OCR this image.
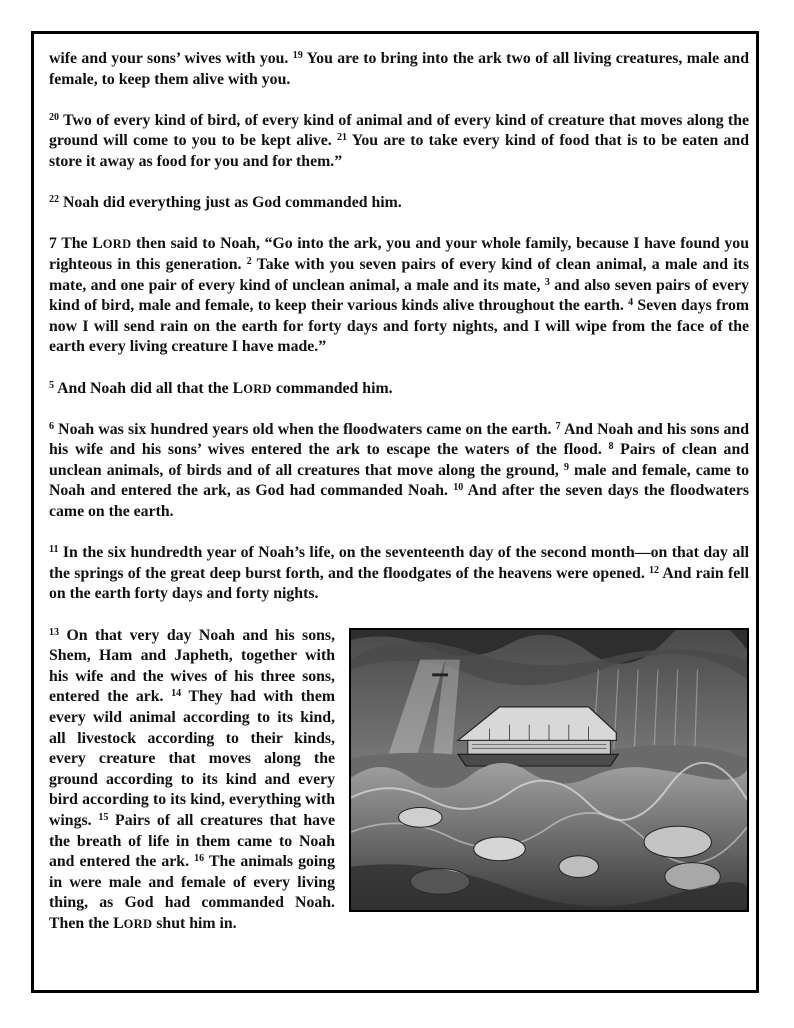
wife and your sons’ wives with you. $^{19}$ You are to bring into the ark two of all living creatures, male and female, to keep them alive with you.

$^{20}$ Two of every kind of bird, of every kind of animal and of every kind of creature that moves along the ground will come to you to be kept alive. $^{21}$ You are to take every kind of food that is to be eaten and store it away as food for you and for them.”

$^{22}$ Noah did everything just as God commanded him.

7 The LORD then said to Noah, “Go into the ark, you and your whole family, because I have found you righteous in this generation. $^2$ Take with you seven pairs of every kind of clean animal, a male and its mate, and one pair of every kind of unclean animal, a male and its mate, $^3$ and also seven pairs of every kind of bird, male and female, to keep their various kinds alive throughout the earth. $^4$ Seven days from now I will send rain on the earth for forty days and forty nights, and I will wipe from the face of the earth every living creature I have made.”

$^5$ And Noah did all that the LORD commanded him.

$^6$ Noah was six hundred years old when the floodwaters came on the earth. $^7$ And Noah and his sons and his wife and his sons’ wives entered the ark to escape the waters of the flood. $^8$ Pairs of clean and unclean animals, of birds and of all creatures that move along the ground, $^9$ male and female, came to Noah and entered the ark, as God had commanded Noah. $^{10}$ And after the seven days the floodwaters came on the earth.

$^{11}$ In the six hundredth year of Noah’s life, on the seventeenth day of the second month—on that day all the springs of the great deep burst forth, and the floodgates of the heavens were opened. $^{12}$ And rain fell on the earth forty days and forty nights.

$^{13}$ On that very day Noah and his sons, Shem, Ham and Japheth, together with his wife and the wives of his three sons, entered the ark. $^{14}$ They had with them every wild animal according to its kind, all livestock according to their kinds, every creature that moves along the ground according to its kind and every bird according to its kind, everything with wings. $^{15}$ Pairs of all creatures that have the breath of life in them came to Noah and entered the ark. $^{16}$ The animals going in were male and female of every living thing, as God had commanded Noah. Then the LORD shut him in.
